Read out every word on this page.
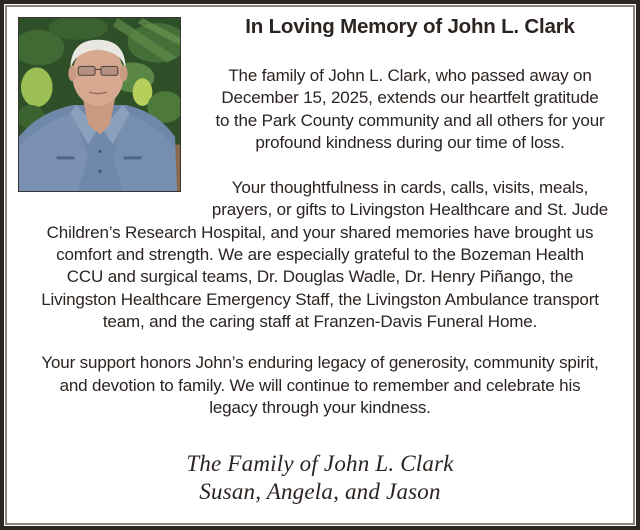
In Loving Memory of John L. Clark
The family of John L. Clark, who passed away on
December 15, 2025, extends our heartfelt gratitude
to the Park County community and all others for your
profound kindness during our time of loss.
Your thoughtfulness in cards, calls, visits, meals,
prayers, or gifts to Livingston Healthcare and St. Jude
Children’s Research Hospital, and your shared memories have brought us
comfort and strength. We are especially grateful to the Bozeman Health
CCU and surgical teams, Dr. Douglas Wadle, Dr. Henry Piñango, the
Livingston Healthcare Emergency Staff, the Livingston Ambulance transport
team, and the caring staff at Franzen-Davis Funeral Home.
Your support honors John’s enduring legacy of generosity, community spirit,
and devotion to family. We will continue to remember and celebrate his
legacy through your kindness.
The Family of John L. Clark
Susan, Angela, and Jason
